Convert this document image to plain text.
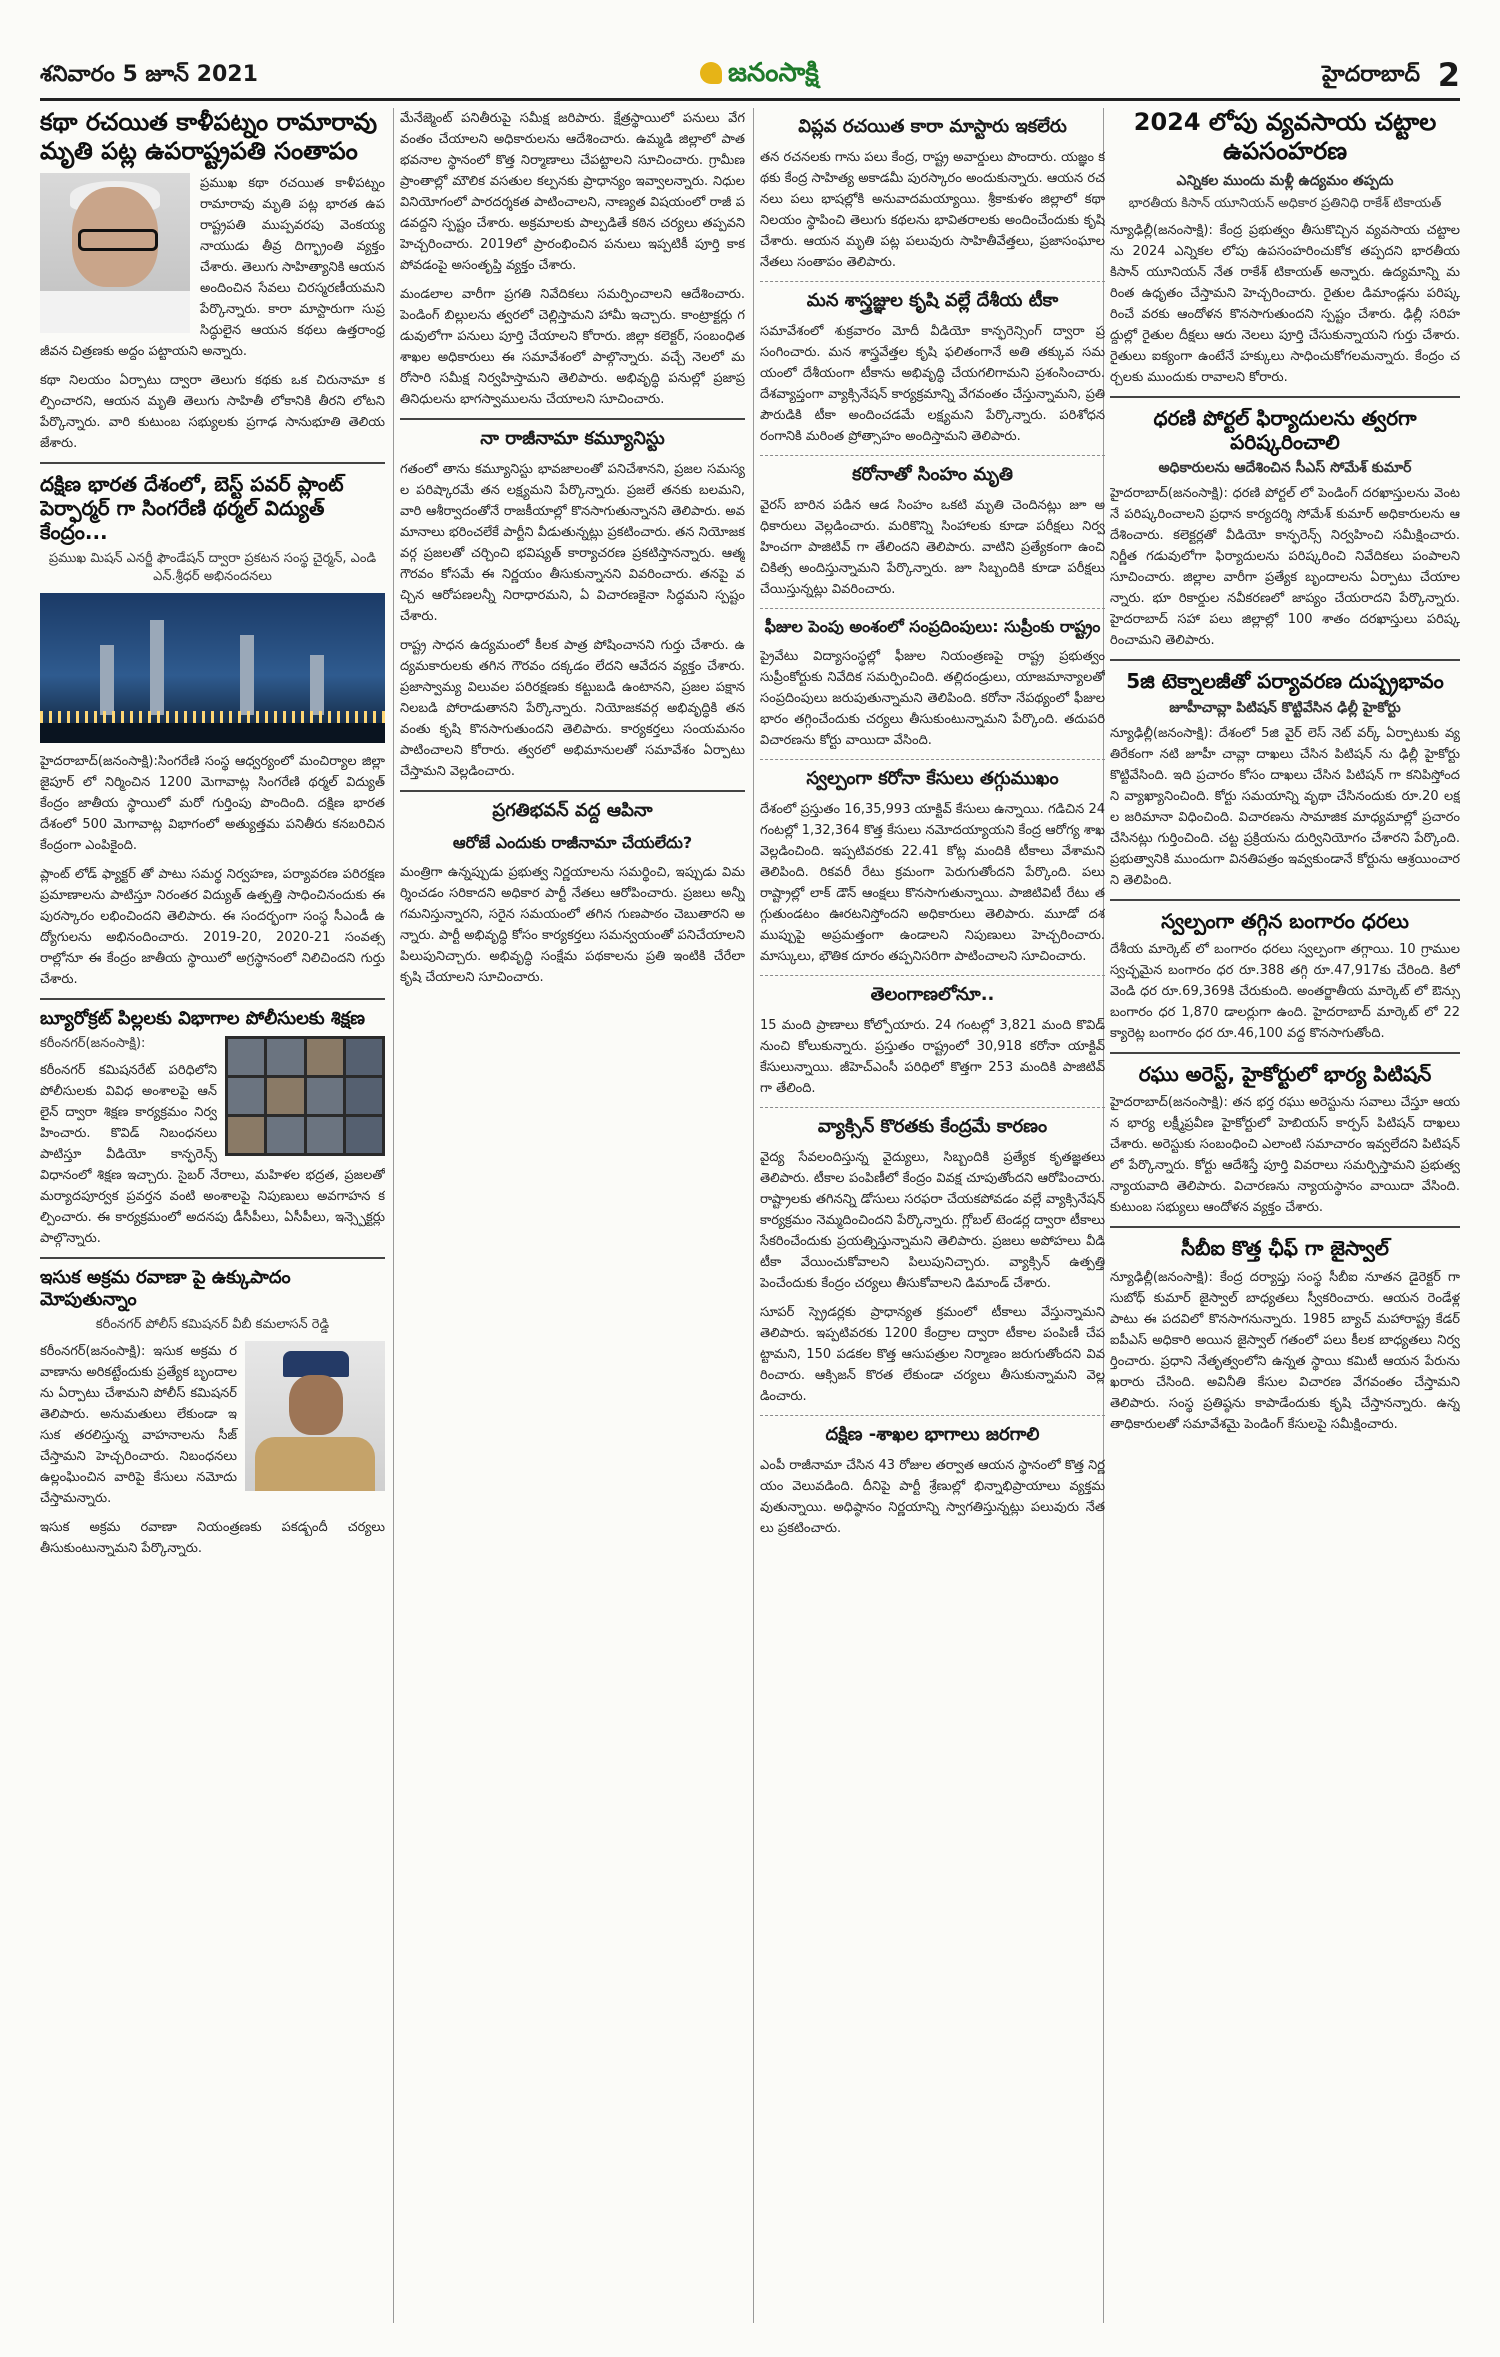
శనివారం 5 జూన్ 2021	జనంసాక్షి	హైదరాబాద్ 2
కథా రచయిత కాళీపట్నం రామారావు మృతి పట్ల ఉపరాష్ట్రపతి సంతాపం

ప్రముఖ కథా రచయిత కాళీపట్నం రామారావు మృతి పట్ల భారత ఉపరాష్ట్రపతి ముప్పవరపు వెంకయ్య నాయుడు తీవ్ర దిగ్భ్రాంతి వ్యక్తం చేశారు. తెలుగు సాహిత్యానికి ఆయన అందించిన సేవలు చిరస్మరణీయమని పేర్కొన్నారు. కారా మాస్టారుగా సుప్రసిద్ధులైన ఆయన కథలు ఉత్తరాంధ్ర జీవన చిత్రణకు అద్దం పట్టాయని అన్నారు.

కథా నిలయం ఏర్పాటు ద్వారా తెలుగు కథకు ఒక చిరునామా కల్పించారని, ఆయన మృతి తెలుగు సాహితీ లోకానికి తీరని లోటని పేర్కొన్నారు. వారి కుటుంబ సభ్యులకు ప్రగాఢ సానుభూతి తెలియజేశారు.

దక్షిణ భారత దేశంలో, బెస్ట్ పవర్ ప్లాంట్ పెర్ఫార్మర్ గా సింగరేణి థర్మల్ విద్యుత్ కేంద్రం...
ప్రముఖ మిషన్ ఎనర్జీ ఫౌండేషన్ ద్వారా ప్రకటన సంస్థ చైర్మన్, ఎండి ఎన్.శ్రీధర్ అభినందనలు

హైదరాబాద్(జనంసాక్షి):సింగరేణి సంస్థ ఆధ్వర్యంలో మంచిర్యాల జిల్లా జైపూర్ లో నిర్మించిన 1200 మెగావాట్ల సింగరేణి థర్మల్ విద్యుత్ కేంద్రం జాతీయ స్థాయిలో మరో గుర్తింపు పొందింది. దక్షిణ భారతదేశంలో 500 మెగావాట్ల విభాగంలో అత్యుత్తమ పనితీరు కనబరిచిన కేంద్రంగా ఎంపికైంది.

ప్లాంట్ లోడ్ ఫ్యాక్టర్ తో పాటు సమర్థ నిర్వహణ, పర్యావరణ పరిరక్షణ ప్రమాణాలను పాటిస్తూ నిరంతర విద్యుత్ ఉత్పత్తి సాధించినందుకు ఈ పురస్కారం లభించిందని తెలిపారు. ఈ సందర్భంగా సంస్థ సీఎండీ ఉద్యోగులను అభినందించారు. 2019-20, 2020-21 సంవత్సరాల్లోనూ ఈ కేంద్రం జాతీయ స్థాయిలో అగ్రస్థానంలో నిలిచిందని గుర్తు చేశారు.

బ్యూరోక్రట్ పిల్లలకు విభాగాల పోలీసులకు శిక్షణ
కరీంనగర్(జనంసాక్షి):

కరీంనగర్ కమిషనరేట్ పరిధిలోని పోలీసులకు వివిధ అంశాలపై ఆన్ లైన్ ద్వారా శిక్షణ కార్యక్రమం నిర్వహించారు. కొవిడ్ నిబంధనలు పాటిస్తూ వీడియో కాన్ఫరెన్స్ విధానంలో శిక్షణ ఇచ్చారు. సైబర్ నేరాలు, మహిళల భద్రత, ప్రజలతో మర్యాదపూర్వక ప్రవర్తన వంటి అంశాలపై నిపుణులు అవగాహన కల్పించారు. ఈ కార్యక్రమంలో అదనపు డీసీపీలు, ఏసీపీలు, ఇన్స్పెక్టర్లు పాల్గొన్నారు.

ఇసుక అక్రమ రవాణా పై ఉక్కుపాదం మోపుతున్నాం
కరీంనగర్ పోలీస్ కమిషనర్ వీబీ కమలాసన్ రెడ్డి

కరీంనగర్(జనంసాక్షి): ఇసుక అక్రమ రవాణాను అరికట్టేందుకు ప్రత్యేక బృందాలను ఏర్పాటు చేశామని పోలీస్ కమిషనర్ తెలిపారు. అనుమతులు లేకుండా ఇసుక తరలిస్తున్న వాహనాలను సీజ్ చేస్తామని హెచ్చరించారు. నిబంధనలు ఉల్లంఘించిన వారిపై కేసులు నమోదు చేస్తామన్నారు.

ఇసుక అక్రమ రవాణా నియంత్రణకు పకడ్బందీ చర్యలు తీసుకుంటున్నామని పేర్కొన్నారు.

మేనేజ్మెంట్ పనితీరుపై సమీక్ష జరిపారు. క్షేత్రస్థాయిలో పనులు వేగవంతం చేయాలని అధికారులను ఆదేశించారు. ఉమ్మడి జిల్లాలో పాత భవనాల స్థానంలో కొత్త నిర్మాణాలు చేపట్టాలని సూచించారు. గ్రామీణ ప్రాంతాల్లో మౌలిక వసతుల కల్పనకు ప్రాధాన్యం ఇవ్వాలన్నారు. నిధుల వినియోగంలో పారదర్శకత పాటించాలని, నాణ్యత విషయంలో రాజీ పడవద్దని స్పష్టం చేశారు. అక్రమాలకు పాల్పడితే కఠిన చర్యలు తప్పవని హెచ్చరించారు. 2019లో ప్రారంభించిన పనులు ఇప్పటికీ పూర్తి కాకపోవడంపై అసంతృప్తి వ్యక్తం చేశారు.

మండలాల వారీగా ప్రగతి నివేదికలు సమర్పించాలని ఆదేశించారు. పెండింగ్ బిల్లులను త్వరలో చెల్లిస్తామని హామీ ఇచ్చారు. కాంట్రాక్టర్లు గడువులోగా పనులు పూర్తి చేయాలని కోరారు. జిల్లా కలెక్టర్, సంబంధిత శాఖల అధికారులు ఈ సమావేశంలో పాల్గొన్నారు. వచ్చే నెలలో మరోసారి సమీక్ష నిర్వహిస్తామని తెలిపారు. అభివృద్ధి పనుల్లో ప్రజాప్రతినిధులను భాగస్వాములను చేయాలని సూచించారు.

నా రాజీనామా కమ్యూనిస్టు

గతంలో తాను కమ్యూనిస్టు భావజాలంతో పనిచేశానని, ప్రజల సమస్యల పరిష్కారమే తన లక్ష్యమని పేర్కొన్నారు. ప్రజలే తనకు బలమని, వారి ఆశీర్వాదంతోనే రాజకీయాల్లో కొనసాగుతున్నానని తెలిపారు. అవమానాలు భరించలేకే పార్టీని వీడుతున్నట్లు ప్రకటించారు. తన నియోజకవర్గ ప్రజలతో చర్చించి భవిష్యత్ కార్యాచరణ ప్రకటిస్తానన్నారు. ఆత్మగౌరవం కోసమే ఈ నిర్ణయం తీసుకున్నానని వివరించారు. తనపై వచ్చిన ఆరోపణలన్నీ నిరాధారమని, ఏ విచారణకైనా సిద్ధమని స్పష్టం చేశారు.

రాష్ట్ర సాధన ఉద్యమంలో కీలక పాత్ర పోషించానని గుర్తు చేశారు. ఉద్యమకారులకు తగిన గౌరవం దక్కడం లేదని ఆవేదన వ్యక్తం చేశారు. ప్రజాస్వామ్య విలువల పరిరక్షణకు కట్టుబడి ఉంటానని, ప్రజల పక్షాన నిలబడి పోరాడుతానని పేర్కొన్నారు. నియోజకవర్గ అభివృద్ధికి తన వంతు కృషి కొనసాగుతుందని తెలిపారు. కార్యకర్తలు సంయమనం పాటించాలని కోరారు. త్వరలో అభిమానులతో సమావేశం ఏర్పాటు చేస్తామని వెల్లడించారు.

ప్రగతిభవన్ వద్ద ఆపినా
ఆరోజే ఎందుకు రాజీనామా చేయలేదు?

మంత్రిగా ఉన్నప్పుడు ప్రభుత్వ నిర్ణయాలను సమర్థించి, ఇప్పుడు విమర్శించడం సరికాదని అధికార పార్టీ నేతలు ఆరోపించారు. ప్రజలు అన్నీ గమనిస్తున్నారని, సరైన సమయంలో తగిన గుణపాఠం చెబుతారని అన్నారు. పార్టీ అభివృద్ధి కోసం కార్యకర్తలు సమన్వయంతో పనిచేయాలని పిలుపునిచ్చారు. అభివృద్ధి సంక్షేమ పథకాలను ప్రతి ఇంటికి చేరేలా కృషి చేయాలని సూచించారు.

విప్లవ రచయిత కారా మాస్టారు ఇకలేరు

తన రచనలకు గాను పలు కేంద్ర, రాష్ట్ర అవార్డులు పొందారు. యజ్ఞం కథకు కేంద్ర సాహిత్య అకాడమీ పురస్కారం అందుకున్నారు. ఆయన రచనలు పలు భాషల్లోకి అనువాదమయ్యాయి. శ్రీకాకుళం జిల్లాలో కథా నిలయం స్థాపించి తెలుగు కథలను భావితరాలకు అందించేందుకు కృషి చేశారు. ఆయన మృతి పట్ల పలువురు సాహితీవేత్తలు, ప్రజాసంఘాల నేతలు సంతాపం తెలిపారు.

మన శాస్త్రజ్ఞుల కృషి వల్లే దేశీయ టీకా

సమావేశంలో శుక్రవారం మోదీ వీడియో కాన్ఫరెన్సింగ్ ద్వారా ప్రసంగించారు. మన శాస్త్రవేత్తల కృషి ఫలితంగానే అతి తక్కువ సమయంలో దేశీయంగా టీకాను అభివృద్ధి చేయగలిగామని ప్రశంసించారు. దేశవ్యాప్తంగా వ్యాక్సినేషన్ కార్యక్రమాన్ని వేగవంతం చేస్తున్నామని, ప్రతి పౌరుడికి టీకా అందించడమే లక్ష్యమని పేర్కొన్నారు. పరిశోధన రంగానికి మరింత ప్రోత్సాహం అందిస్తామని తెలిపారు.

కరోనాతో సింహం మృతి

వైరస్ బారిన పడిన ఆడ సింహం ఒకటి మృతి చెందినట్లు జూ అధికారులు వెల్లడించారు. మరికొన్ని సింహాలకు కూడా పరీక్షలు నిర్వహించగా పాజిటివ్ గా తేలిందని తెలిపారు. వాటిని ప్రత్యేకంగా ఉంచి చికిత్స అందిస్తున్నామని పేర్కొన్నారు. జూ సిబ్బందికి కూడా పరీక్షలు చేయిస్తున్నట్లు వివరించారు.

ఫీజుల పెంపు అంశంలో సంప్రదింపులు: సుప్రీంకు రాష్ట్రం

ప్రైవేటు విద్యాసంస్థల్లో ఫీజుల నియంత్రణపై రాష్ట్ర ప్రభుత్వం సుప్రీంకోర్టుకు నివేదిక సమర్పించింది. తల్లిదండ్రులు, యాజమాన్యాలతో సంప్రదింపులు జరుపుతున్నామని తెలిపింది. కరోనా నేపథ్యంలో ఫీజుల భారం తగ్గించేందుకు చర్యలు తీసుకుంటున్నామని పేర్కొంది. తదుపరి విచారణను కోర్టు వాయిదా వేసింది.

స్వల్పంగా కరోనా కేసులు తగ్గుముఖం

దేశంలో ప్రస్తుతం 16,35,993 యాక్టివ్ కేసులు ఉన్నాయి. గడిచిన 24 గంటల్లో 1,32,364 కొత్త కేసులు నమోదయ్యాయని కేంద్ర ఆరోగ్య శాఖ వెల్లడించింది. ఇప్పటివరకు 22.41 కోట్ల మందికి టీకాలు వేశామని తెలిపింది. రికవరీ రేటు క్రమంగా పెరుగుతోందని పేర్కొంది. పలు రాష్ట్రాల్లో లాక్ డౌన్ ఆంక్షలు కొనసాగుతున్నాయి. పాజిటివిటీ రేటు తగ్గుతుండటం ఊరటనిస్తోందని అధికారులు తెలిపారు. మూడో దశ ముప్పుపై అప్రమత్తంగా ఉండాలని నిపుణులు హెచ్చరించారు. మాస్కులు, భౌతిక దూరం తప్పనిసరిగా పాటించాలని సూచించారు.

తెలంగాణలోనూ..

15 మంది ప్రాణాలు కోల్పోయారు. 24 గంటల్లో 3,821 మంది కొవిడ్ నుంచి కోలుకున్నారు. ప్రస్తుతం రాష్ట్రంలో 30,918 కరోనా యాక్టివ్ కేసులున్నాయి. జీహెచ్ఎంసీ పరిధిలో కొత్తగా 253 మందికి పాజిటివ్ గా తేలింది.

వ్యాక్సిన్ కొరతకు కేంద్రమే కారణం

వైద్య సేవలందిస్తున్న వైద్యులు, సిబ్బందికి ప్రత్యేక కృతజ్ఞతలు తెలిపారు. టీకాల పంపిణీలో కేంద్రం వివక్ష చూపుతోందని ఆరోపించారు. రాష్ట్రాలకు తగినన్ని డోసులు సరఫరా చేయకపోవడం వల్లే వ్యాక్సినేషన్ కార్యక్రమం నెమ్మదించిందని పేర్కొన్నారు. గ్లోబల్ టెండర్ల ద్వారా టీకాలు సేకరించేందుకు ప్రయత్నిస్తున్నామని తెలిపారు. ప్రజలు అపోహలు వీడి టీకా వేయించుకోవాలని పిలుపునిచ్చారు. వ్యాక్సిన్ ఉత్పత్తి పెంచేందుకు కేంద్రం చర్యలు తీసుకోవాలని డిమాండ్ చేశారు.

సూపర్ స్ప్రెడర్లకు ప్రాధాన్యత క్రమంలో టీకాలు వేస్తున్నామని తెలిపారు. ఇప్పటివరకు 1200 కేంద్రాల ద్వారా టీకాల పంపిణీ చేపట్టామని, 150 పడకల కొత్త ఆసుపత్రుల నిర్మాణం జరుగుతోందని వివరించారు. ఆక్సిజన్ కొరత లేకుండా చర్యలు తీసుకున్నామని వెల్లడించారు.

దక్షిణ -శాఖల భాగాలు జరగాలి

ఎంపీ రాజీనామా చేసిన 43 రోజుల తర్వాత ఆయన స్థానంలో కొత్త నిర్ణయం వెలువడింది. దీనిపై పార్టీ శ్రేణుల్లో భిన్నాభిప్రాయాలు వ్యక్తమవుతున్నాయి. అధిష్ఠానం నిర్ణయాన్ని స్వాగతిస్తున్నట్లు పలువురు నేతలు ప్రకటించారు.

2024 లోపు వ్యవసాయ చట్టాల ఉపసంహరణ
ఎన్నికల ముందు మళ్లీ ఉద్యమం తప్పదు
భారతీయ కిసాన్ యూనియన్ అధికార ప్రతినిధి రాకేశ్ టికాయత్

న్యూఢిల్లీ(జనంసాక్షి): కేంద్ర ప్రభుత్వం తీసుకొచ్చిన వ్యవసాయ చట్టాలను 2024 ఎన్నికల లోపు ఉపసంహరించుకోక తప్పదని భారతీయ కిసాన్ యూనియన్ నేత రాకేశ్ టికాయత్ అన్నారు. ఉద్యమాన్ని మరింత ఉధృతం చేస్తామని హెచ్చరించారు. రైతుల డిమాండ్లను పరిష్కరించే వరకు ఆందోళన కొనసాగుతుందని స్పష్టం చేశారు. ఢిల్లీ సరిహద్దుల్లో రైతుల దీక్షలు ఆరు నెలలు పూర్తి చేసుకున్నాయని గుర్తు చేశారు. రైతులు ఐక్యంగా ఉంటేనే హక్కులు సాధించుకోగలమన్నారు. కేంద్రం చర్చలకు ముందుకు రావాలని కోరారు.

ధరణి పోర్టల్ ఫిర్యాదులను త్వరగా పరిష్కరించాలి
అధికారులను ఆదేశించిన సీఎస్ సోమేశ్ కుమార్

హైదరాబాద్(జనంసాక్షి): ధరణి పోర్టల్ లో పెండింగ్ దరఖాస్తులను వెంటనే పరిష్కరించాలని ప్రధాన కార్యదర్శి సోమేశ్ కుమార్ అధికారులను ఆదేశించారు. కలెక్టర్లతో వీడియో కాన్ఫరెన్స్ నిర్వహించి సమీక్షించారు. నిర్ణీత గడువులోగా ఫిర్యాదులను పరిష్కరించి నివేదికలు పంపాలని సూచించారు. జిల్లాల వారీగా ప్రత్యేక బృందాలను ఏర్పాటు చేయాలన్నారు. భూ రికార్డుల నవీకరణలో జాప్యం చేయరాదని పేర్కొన్నారు. హైదరాబాద్ సహా పలు జిల్లాల్లో 100 శాతం దరఖాస్తులు పరిష్కరించామని తెలిపారు.

5జి టెక్నాలజీతో పర్యావరణ దుష్ప్రభావం
జూహీచావ్లా పిటిషన్ కొట్టివేసిన ఢిల్లీ హైకోర్టు

న్యూఢిల్లీ(జనంసాక్షి): దేశంలో 5జి వైర్ లెస్ నెట్ వర్క్ ఏర్పాటుకు వ్యతిరేకంగా నటి జూహీ చావ్లా దాఖలు చేసిన పిటిషన్ ను ఢిల్లీ హైకోర్టు కొట్టివేసింది. ఇది ప్రచారం కోసం దాఖలు చేసిన పిటిషన్ గా కనిపిస్తోందని వ్యాఖ్యానించింది. కోర్టు సమయాన్ని వృథా చేసినందుకు రూ.20 లక్షల జరిమానా విధించింది. విచారణను సామాజిక మాధ్యమాల్లో ప్రచారం చేసినట్లు గుర్తించింది. చట్ట ప్రక్రియను దుర్వినియోగం చేశారని పేర్కొంది. ప్రభుత్వానికి ముందుగా వినతిపత్రం ఇవ్వకుండానే కోర్టును ఆశ్రయించారని తెలిపింది.

స్వల్పంగా తగ్గిన బంగారం ధరలు

దేశీయ మార్కెట్ లో బంగారం ధరలు స్వల్పంగా తగ్గాయి. 10 గ్రాముల స్వచ్ఛమైన బంగారం ధర రూ.388 తగ్గి రూ.47,917కు చేరింది. కిలో వెండి ధర రూ.69,369కి చేరుకుంది. అంతర్జాతీయ మార్కెట్ లో ఔన్సు బంగారం ధర 1,870 డాలర్లుగా ఉంది. హైదరాబాద్ మార్కెట్ లో 22 క్యారెట్ల బంగారం ధర రూ.46,100 వద్ద కొనసాగుతోంది.

రఘు అరెస్ట్, హైకోర్టులో భార్య పిటిషన్

హైదరాబాద్(జనంసాక్షి): తన భర్త రఘు అరెస్టును సవాలు చేస్తూ ఆయన భార్య లక్ష్మీప్రవీణ హైకోర్టులో హెబియస్ కార్పస్ పిటిషన్ దాఖలు చేశారు. అరెస్టుకు సంబంధించి ఎలాంటి సమాచారం ఇవ్వలేదని పిటిషన్ లో పేర్కొన్నారు. కోర్టు ఆదేశిస్తే పూర్తి వివరాలు సమర్పిస్తామని ప్రభుత్వ న్యాయవాది తెలిపారు. విచారణను న్యాయస్థానం వాయిదా వేసింది. కుటుంబ సభ్యులు ఆందోళన వ్యక్తం చేశారు.

సీబీఐ కొత్త ఛీఫ్ గా జైస్వాల్

న్యూఢిల్లీ(జనంసాక్షి): కేంద్ర దర్యాప్తు సంస్థ సీబీఐ నూతన డైరెక్టర్ గా సుబోధ్ కుమార్ జైస్వాల్ బాధ్యతలు స్వీకరించారు. ఆయన రెండేళ్ల పాటు ఈ పదవిలో కొనసాగనున్నారు. 1985 బ్యాచ్ మహారాష్ట్ర కేడర్ ఐపీఎస్ అధికారి అయిన జైస్వాల్ గతంలో పలు కీలక బాధ్యతలు నిర్వర్తించారు. ప్రధాని నేతృత్వంలోని ఉన్నత స్థాయి కమిటీ ఆయన పేరును ఖరారు చేసింది. అవినీతి కేసుల విచారణ వేగవంతం చేస్తామని తెలిపారు. సంస్థ ప్రతిష్ఠను కాపాడేందుకు కృషి చేస్తానన్నారు. ఉన్నతాధికారులతో సమావేశమై పెండింగ్ కేసులపై సమీక్షించారు.
